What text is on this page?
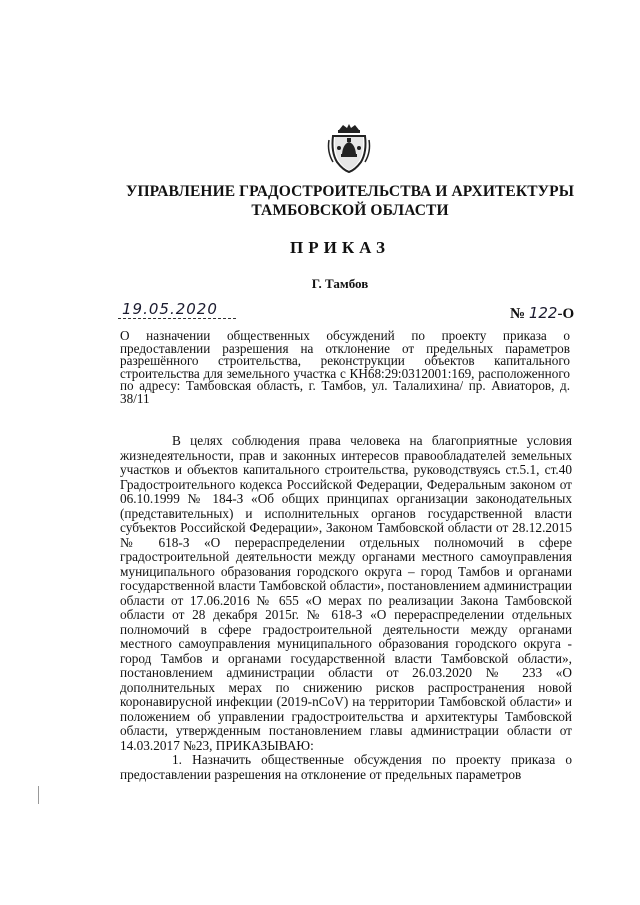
УПРАВЛЕНИЕ ГРАДОСТРОИТЕЛЬСТВА И АРХИТЕКТУРЫ
ТАМБОВСКОЙ ОБЛАСТИ
ПРИКАЗ
Г. Тамбов
19.05.2020	№ 122-О
О назначении общественных обсуждений по проекту приказа о предоставлении разрешения на отклонение от предельных параметров разрешённого строительства, реконструкции объектов капитального строительства для земельного участка с КН68:29:0312001:169, расположенного по адресу: Тамбовская область, г. Тамбов, ул. Талалихина/ пр. Авиаторов, д. 38/11

В целях соблюдения права человека на благоприятные условия жизнедеятельности, прав и законных интересов правообладателей земельных участков и объектов капитального строительства, руководствуясь ст.5.1, ст.40 Градостроительного кодекса Российской Федерации, Федеральным законом от 06.10.1999 № 184-З «Об общих принципах организации законодательных (представительных) и исполнительных органов государственной власти субъектов Российской Федерации», Законом Тамбовской области от 28.12.2015 № 618-З «О перераспределении отдельных полномочий в сфере градостроительной деятельности между органами местного самоуправления муниципального образования городского округа – город Тамбов и органами государственной власти Тамбовской области», постановлением администрации области от 17.06.2016 № 655 «О мерах по реализации Закона Тамбовской области от 28 декабря 2015г. № 618-З «О перераспределении отдельных полномочий в сфере градостроительной деятельности между органами местного самоуправления муниципального образования городского округа - город Тамбов и органами государственной власти Тамбовской области», постановлением администрации области от 26.03.2020 № 233 «О дополнительных мерах по снижению рисков распространения новой коронавирусной инфекции (2019-nCoV) на территории Тамбовской области» и положением об управлении градостроительства и архитектуры Тамбовской области, утвержденным постановлением главы администрации области от 14.03.2017 №23, ПРИКАЗЫВАЮ:

1. Назначить общественные обсуждения по проекту приказа о предоставлении разрешения на отклонение от предельных параметров
